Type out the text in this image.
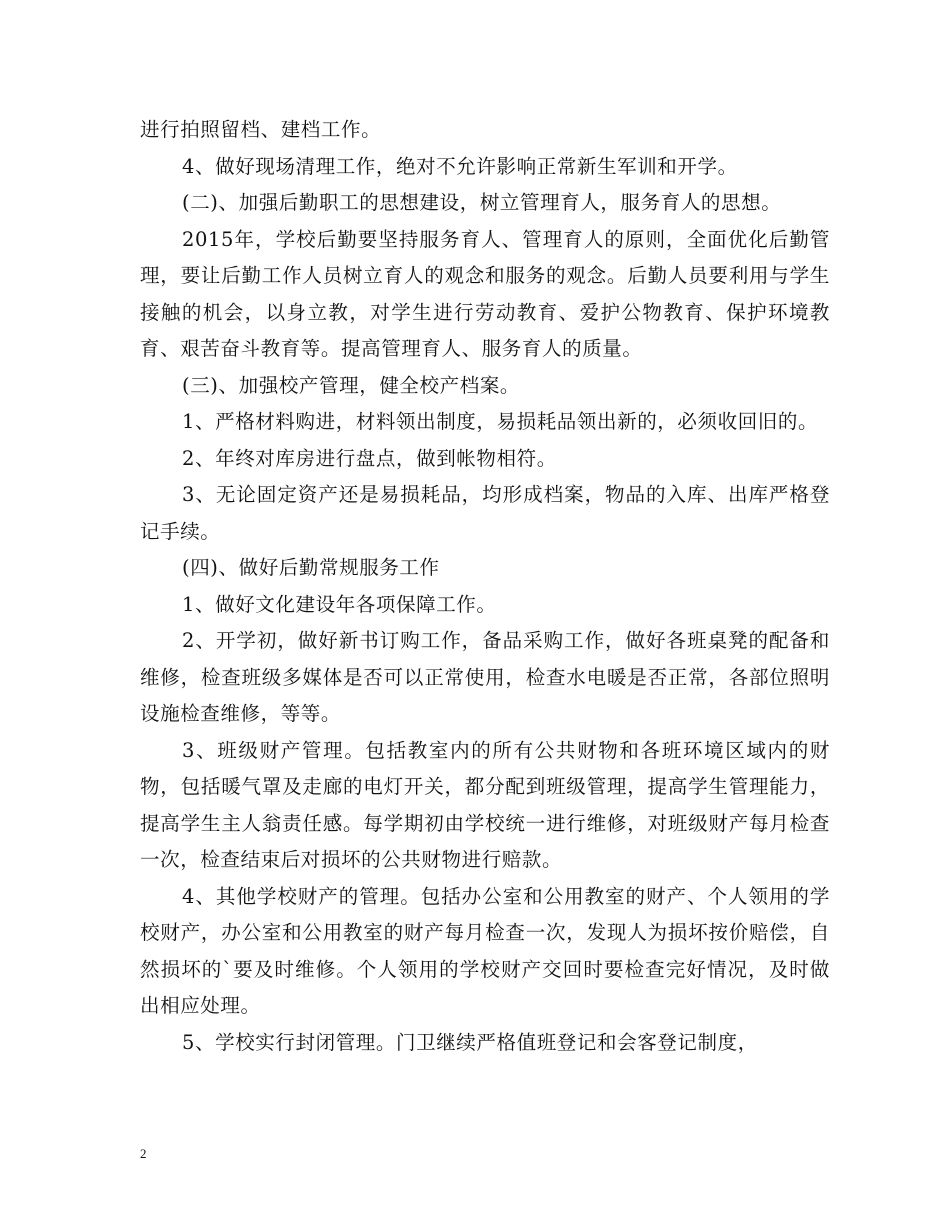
进行拍照留档、建档工作。

4、做好现场清理工作，绝对不允许影响正常新生军训和开学。

(二)、加强后勤职工的思想建设，树立管理育人，服务育人的思想。

2015年，学校后勤要坚持服务育人、管理育人的原则，全面优化后勤管理，要让后勤工作人员树立育人的观念和服务的观念。后勤人员要利用与学生接触的机会，以身立教，对学生进行劳动教育、爱护公物教育、保护环境教育、艰苦奋斗教育等。提高管理育人、服务育人的质量。

(三)、加强校产管理，健全校产档案。

1、严格材料购进，材料领出制度，易损耗品领出新的，必须收回旧的。

2、年终对库房进行盘点，做到帐物相符。

3、无论固定资产还是易损耗品，均形成档案，物品的入库、出库严格登记手续。

(四)、做好后勤常规服务工作

1、做好文化建设年各项保障工作。

2、开学初，做好新书订购工作，备品采购工作，做好各班桌凳的配备和维修，检查班级多媒体是否可以正常使用，检查水电暖是否正常，各部位照明设施检查维修，等等。

3、班级财产管理。包括教室内的所有公共财物和各班环境区域内的财物，包括暖气罩及走廊的电灯开关，都分配到班级管理，提高学生管理能力，提高学生主人翁责任感。每学期初由学校统一进行维修，对班级财产每月检查一次，检查结束后对损坏的公共财物进行赔款。

4、其他学校财产的管理。包括办公室和公用教室的财产、个人领用的学校财产，办公室和公用教室的财产每月检查一次，发现人为损坏按价赔偿，自然损坏的`要及时维修。个人领用的学校财产交回时要检查完好情况，及时做出相应处理。

5、学校实行封闭管理。门卫继续严格值班登记和会客登记制度，

2
